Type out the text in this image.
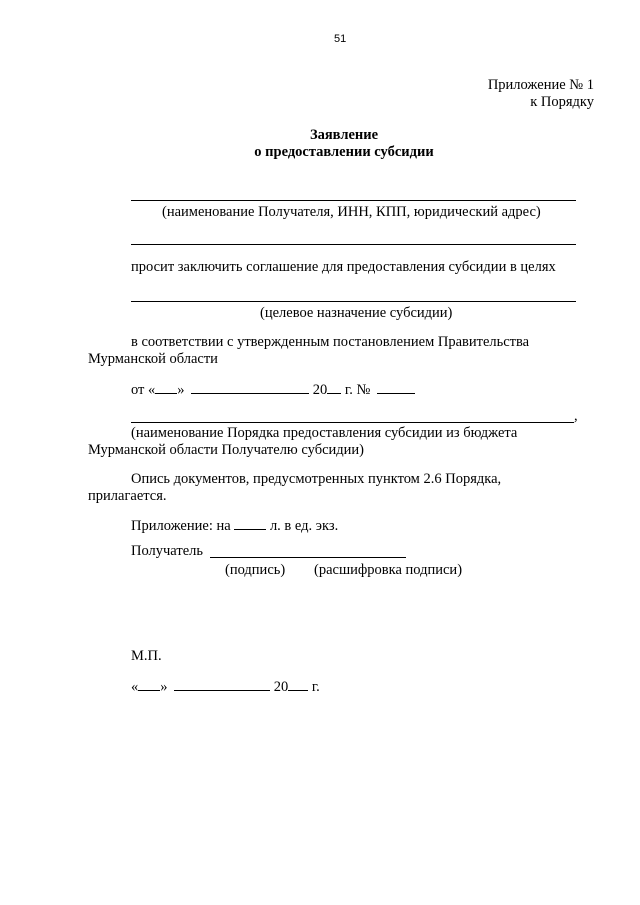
51
Приложение № 1
к Порядку
Заявление
о предоставлении субсидии
(наименование Получателя, ИНН, КПП, юридический адрес)
просит заключить соглашение для предоставления субсидии в целях
(целевое назначение субсидии)
в соответствии с утвержденным постановлением Правительства
Мурманской области
от « »	20 г. №
,
(наименование Порядка предоставления субсидии из бюджета
Мурманской области Получателю субсидии)
Опись документов, предусмотренных пунктом 2.6 Порядка,
прилагается.
Приложение: на	л. в ед. экз.
Получатель
(подпись) (расшифровка подписи)
М.П.
« »	20 г.
